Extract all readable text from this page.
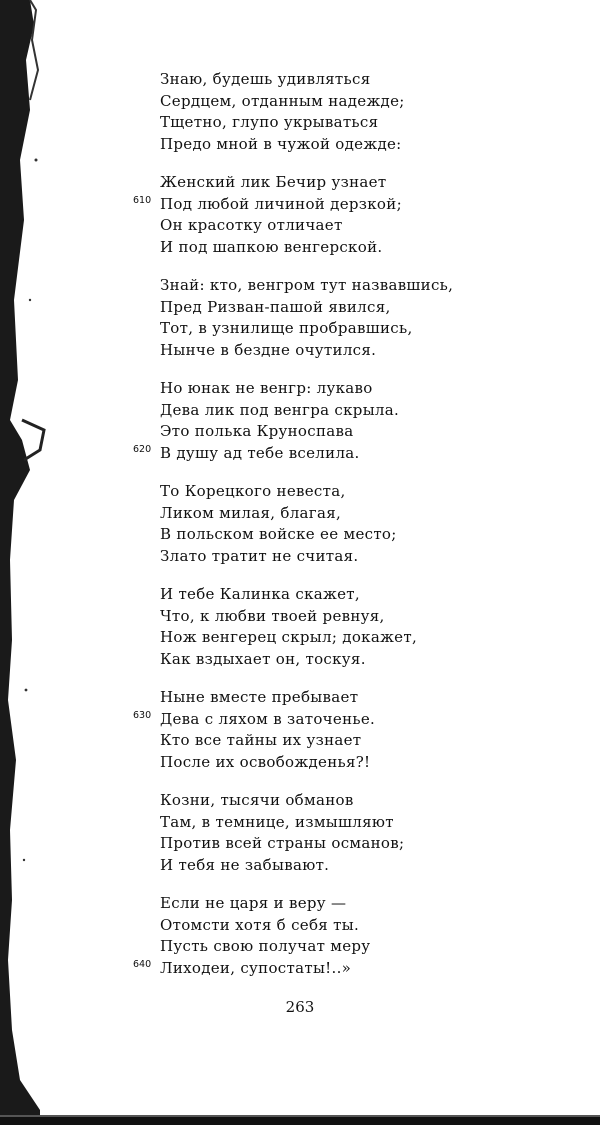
Знаю, будешь удивляться
Сердцем, отданным надежде;
Тщетно, глупо укрываться
Предо мной в чужой одежде:
Женский лик Бечир узнает
Под любой личиной дерзкой;
610
Он красотку отличает
И под шапкою венгерской.
Знай: кто, венгром тут назвавшись,
Пред Ризван-пашой явился,
Тот, в узнилище пробравшись,
Нынче в бездне очутился.
Но юнак не венгр: лукаво
Дева лик под венгра скрыла.
Это полька Круноспава
В душу ад тебе вселила.
620
То Корецкого невеста,
Ликом милая, благая,
В польском войске ее место;
Злато тратит не считая.
И тебе Калинка скажет,
Что, к любви твоей ревнуя,
Нож венгерец скрыл; докажет,
Как вздыхает он, тоскуя.
Ныне вместе пребывает
Дева с ляхом в заточенье.
630
Кто все тайны их узнает
После их освобожденья?!
Козни, тысячи обманов
Там, в темнице, измышляют
Против всей страны османов;
И тебя не забывают.
Если не царя и веру —
Отомсти хотя б себя ты.
Пусть свою получат меру
Лиходеи, супостаты!..»
640
263
